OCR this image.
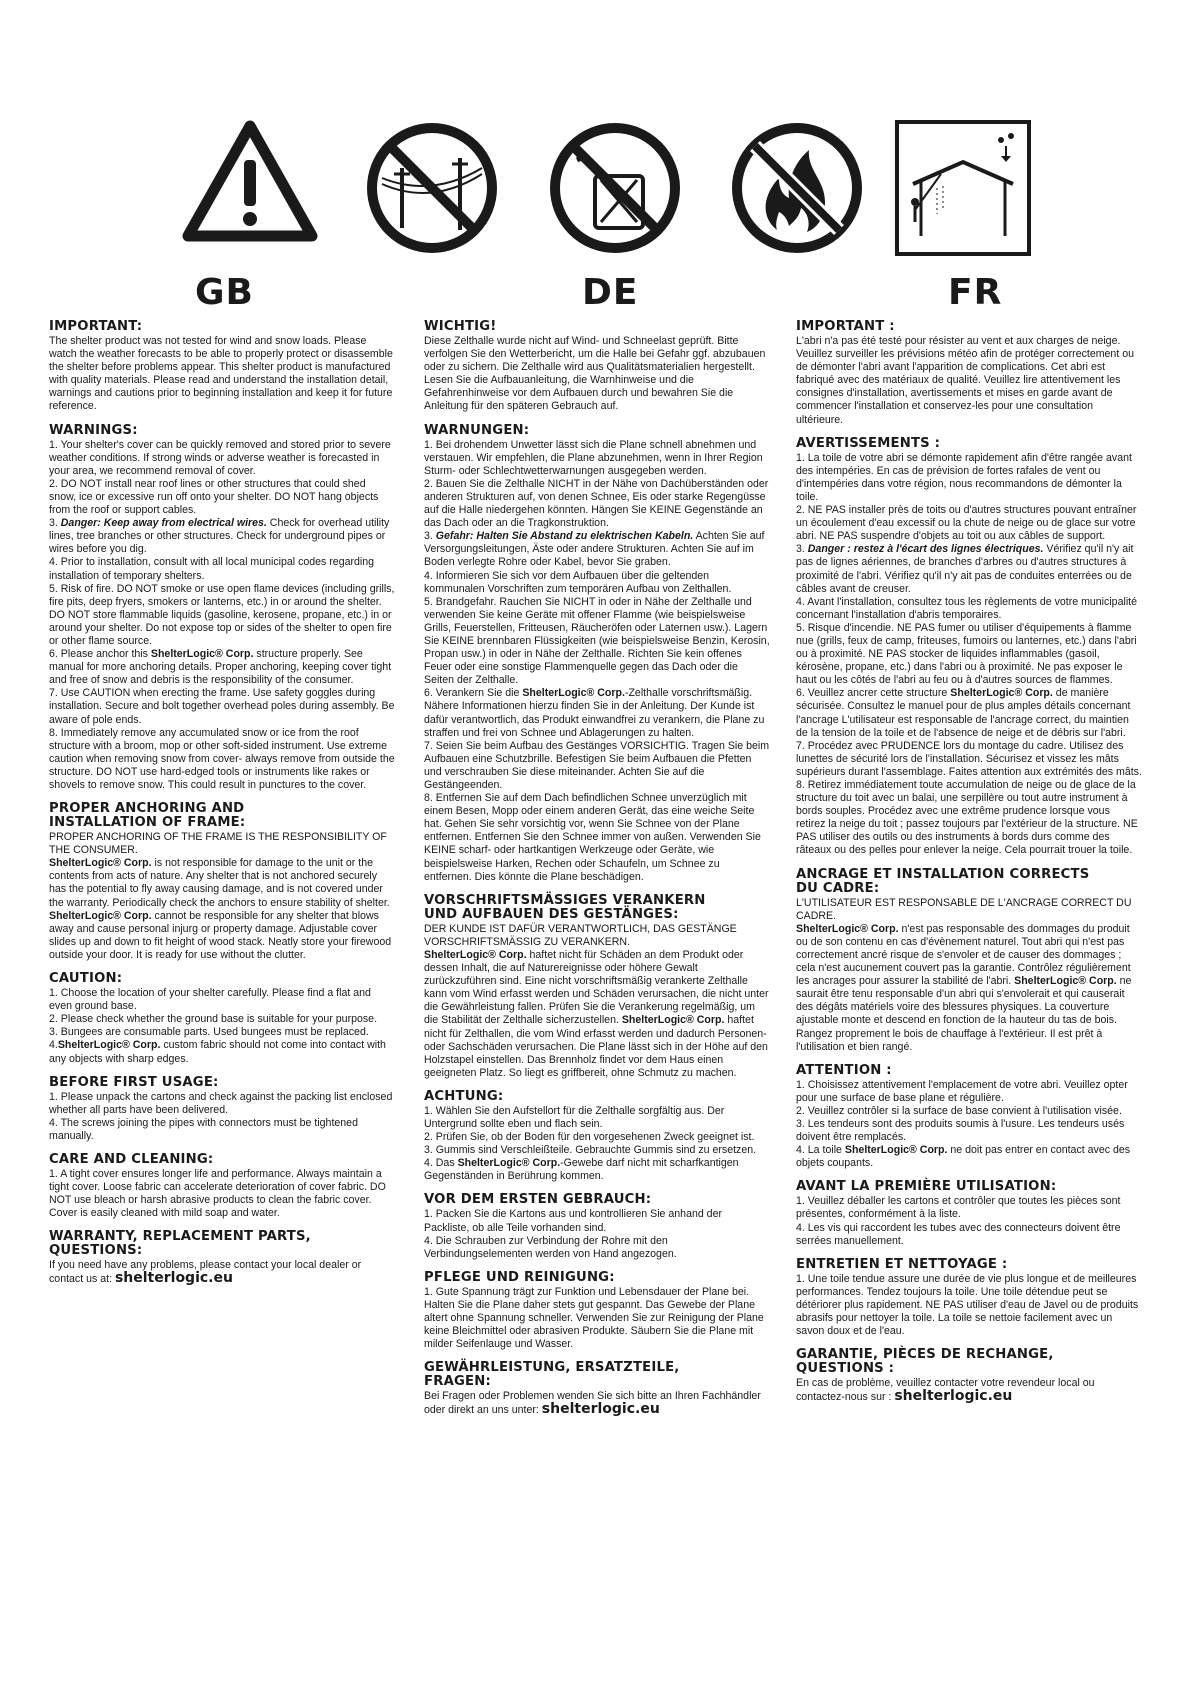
GB	DE	FR
IMPORTANT:

The shelter product was not tested for wind and snow loads. Please watch the weather forecasts to be able to properly protect or disassemble the shelter before problems appear. This shelter product is manufactured with quality materials. Please read and understand the installation detail, warnings and cautions prior to beginning installation and keep it for future reference.

WARNINGS:

1. Your shelter's cover can be quickly removed and stored prior to severe weather conditions. If strong winds or adverse weather is forecasted in your area, we recommend removal of cover.

2. DO NOT install near roof lines or other structures that could shed snow, ice or excessive run off onto your shelter. DO NOT hang objects from the roof or support cables.

3. Danger: Keep away from electrical wires. Check for overhead utility lines, tree branches or other structures. Check for underground pipes or wires before you dig.

4. Prior to installation, consult with all local municipal codes regarding installation of temporary shelters.

5. Risk of fire. DO NOT smoke or use open flame devices (including grills, fire pits, deep fryers, smokers or lanterns, etc.) in or around the shelter. DO NOT store flammable liquids (gasoline, kerosene, propane, etc.) in or around your shelter. Do not expose top or sides of the shelter to open fire or other flame source.

6. Please anchor this ShelterLogic® Corp. structure properly. See manual for more anchoring details. Proper anchoring, keeping cover tight and free of snow and debris is the responsibility of the consumer.

7. Use CAUTION when erecting the frame. Use safety goggles during installation. Secure and bolt together overhead poles during assembly. Be aware of pole ends.

8. Immediately remove any accumulated snow or ice from the roof structure with a broom, mop or other soft-sided instrument. Use extreme caution when removing snow from cover- always remove from outside the structure. DO NOT use hard-edged tools or instruments like rakes or shovels to remove snow. This could result in punctures to the cover.

PROPER ANCHORING AND
INSTALLATION OF FRAME:

PROPER ANCHORING OF THE FRAME IS THE RESPONSIBILITY OF THE CONSUMER.

ShelterLogic® Corp. is not responsible for damage to the unit or the contents from acts of nature. Any shelter that is not anchored securely has the potential to fly away causing damage, and is not covered under the warranty. Periodically check the anchors to ensure stability of shelter. ShelterLogic® Corp. cannot be responsible for any shelter that blows away and cause personal injurg or property damage. Adjustable cover slides up and down to fit height of wood stack. Neatly store your firewood outside your door. It is ready for use without the clutter.

CAUTION:

1. Choose the location of your shelter carefully. Please find a flat and even ground base.

2. Please check whether the ground base is suitable for your purpose.

3. Bungees are consumable parts. Used bungees must be replaced.

4.ShelterLogic® Corp. custom fabric should not come into contact with any objects with sharp edges.

BEFORE FIRST USAGE:

1. Please unpack the cartons and check against the packing list enclosed whether all parts have been delivered.

4. The screws joining the pipes with connectors must be tightened manually.

CARE AND CLEANING:

1. A tight cover ensures longer life and performance. Always maintain a tight cover. Loose fabric can accelerate deterioration of cover fabric. DO NOT use bleach or harsh abrasive products to clean the fabric cover. Cover is easily cleaned with mild soap and water.

WARRANTY, REPLACEMENT PARTS,
QUESTIONS:

If you need have any problems, please contact your local dealer or contact us at: shelterlogic.eu

WICHTIG!

Diese Zelthalle wurde nicht auf Wind- und Schneelast geprüft. Bitte verfolgen Sie den Wetterbericht, um die Halle bei Gefahr ggf. abzubauen oder zu sichern. Die Zelthalle wird aus Qualitätsmaterialien hergestellt. Lesen Sie die Aufbauanleitung, die Warnhinweise und die Gefahrenhinweise vor dem Aufbauen durch und bewahren Sie die Anleitung für den späteren Gebrauch auf.

WARNUNGEN:

1. Bei drohendem Unwetter lässt sich die Plane schnell abnehmen und verstauen. Wir empfehlen, die Plane abzunehmen, wenn in Ihrer Region Sturm- oder Schlechtwetterwarnungen ausgegeben werden.

2. Bauen Sie die Zelthalle NICHT in der Nähe von Dachüberständen oder anderen Strukturen auf, von denen Schnee, Eis oder starke Regengüsse auf die Halle niedergehen könnten. Hängen Sie KEINE Gegenstände an das Dach oder an die Tragkonstruktion.

3. Gefahr: Halten Sie Abstand zu elektrischen Kabeln. Achten Sie auf Versorgungsleitungen, Äste oder andere Strukturen. Achten Sie auf im Boden verlegte Rohre oder Kabel, bevor Sie graben.

4. Informieren Sie sich vor dem Aufbauen über die geltenden kommunalen Vorschriften zum temporären Aufbau von Zelthallen.

5. Brandgefahr. Rauchen Sie NICHT in oder in Nähe der Zelthalle und verwenden Sie keine Geräte mit offener Flamme (wie beispielsweise Grills, Feuerstellen, Fritteusen, Räucheröfen oder Laternen usw.). Lagern Sie KEINE brennbaren Flüssigkeiten (wie beispielsweise Benzin, Kerosin, Propan usw.) in oder in Nähe der Zelthalle. Richten Sie kein offenes Feuer oder eine sonstige Flammenquelle gegen das Dach oder die Seiten der Zelthalle.

6. Verankern Sie die ShelterLogic® Corp.-Zelthalle vorschriftsmäßig. Nähere Informationen hierzu finden Sie in der Anleitung. Der Kunde ist dafür verantwortlich, das Produkt einwandfrei zu verankern, die Plane zu straffen und frei von Schnee und Ablagerungen zu halten.

7. Seien Sie beim Aufbau des Gestänges VORSICHTIG. Tragen Sie beim Aufbauen eine Schutzbrille. Befestigen Sie beim Aufbauen die Pfetten und verschrauben Sie diese miteinander. Achten Sie auf die Gestängeenden.

8. Entfernen Sie auf dem Dach befindlichen Schnee unverzüglich mit einem Besen, Mopp oder einem anderen Gerät, das eine weiche Seite hat. Gehen Sie sehr vorsichtig vor, wenn Sie Schnee von der Plane entfernen. Entfernen Sie den Schnee immer von außen. Verwenden Sie KEINE scharf- oder hartkantigen Werkzeuge oder Geräte, wie beispielsweise Harken, Rechen oder Schaufeln, um Schnee zu entfernen. Dies könnte die Plane beschädigen.

VORSCHRIFTSMÄSSIGES VERANKERN
UND AUFBAUEN DES GESTÄNGES:

DER KUNDE IST DAFÜR VERANTWORTLICH, DAS GESTÄNGE VORSCHRIFTSMÄSSIG ZU VERANKERN.

ShelterLogic® Corp. haftet nicht für Schäden an dem Produkt oder dessen Inhalt, die auf Naturereignisse oder höhere Gewalt zurückzuführen sind. Eine nicht vorschriftsmäßig verankerte Zelthalle kann vom Wind erfasst werden und Schäden verursachen, die nicht unter die Gewährleistung fallen. Prüfen Sie die Verankerung regelmäßig, um die Stabilität der Zelthalle sicherzustellen. ShelterLogic® Corp. haftet nicht für Zelthallen, die vom Wind erfasst werden und dadurch Personen- oder Sachschäden verursachen. Die Plane lässt sich in der Höhe auf den Holzstapel einstellen. Das Brennholz findet vor dem Haus einen geeigneten Platz. So liegt es griffbereit, ohne Schmutz zu machen.

ACHTUNG:

1. Wählen Sie den Aufstellort für die Zelthalle sorgfältig aus. Der Untergrund sollte eben und flach sein.

2. Prüfen Sie, ob der Boden für den vorgesehenen Zweck geeignet ist.

3. Gummis sind Verschleißteile. Gebrauchte Gummis sind zu ersetzen.

4. Das ShelterLogic® Corp.-Gewebe darf nicht mit scharfkantigen Gegenständen in Berührung kommen.

VOR DEM ERSTEN GEBRAUCH:

1. Packen Sie die Kartons aus und kontrollieren Sie anhand der Packliste, ob alle Teile vorhanden sind.

4. Die Schrauben zur Verbindung der Rohre mit den Verbindungselementen werden von Hand angezogen.

PFLEGE UND REINIGUNG:

1. Gute Spannung trägt zur Funktion und Lebensdauer der Plane bei. Halten Sie die Plane daher stets gut gespannt. Das Gewebe der Plane altert ohne Spannung schneller. Verwenden Sie zur Reinigung der Plane keine Bleichmittel oder abrasiven Produkte. Säubern Sie die Plane mit milder Seifenlauge und Wasser.

GEWÄHRLEISTUNG, ERSATZTEILE,
FRAGEN:

Bei Fragen oder Problemen wenden Sie sich bitte an Ihren Fachhändler oder direkt an uns unter: shelterlogic.eu

IMPORTANT :

L'abri n'a pas été testé pour résister au vent et aux charges de neige. Veuillez surveiller les prévisions météo afin de protéger correctement ou de démonter l'abri avant l'apparition de complications. Cet abri est fabriqué avec des matériaux de qualité. Veuillez lire attentivement les consignes d'installation, avertissements et mises en garde avant de commencer l'installation et conservez-les pour une consultation ultérieure.

AVERTISSEMENTS :

1. La toile de votre abri se démonte rapidement afin d'être rangée avant des intempéries. En cas de prévision de fortes rafales de vent ou d'intempéries dans votre région, nous recommandons de démonter la toile.

2. NE PAS installer près de toits ou d'autres structures pouvant entraîner un écoulement d'eau excessif ou la chute de neige ou de glace sur votre abri. NE PAS suspendre d'objets au toit ou aux câbles de support.

3. Danger : restez à l'écart des lignes électriques. Vérifiez qu'il n'y ait pas de lignes aériennes, de branches d'arbres ou d'autres structures à proximité de l'abri. Vérifiez qu'il n'y ait pas de conduites enterrées ou de câbles avant de creuser.

4. Avant l'installation, consultez tous les règlements de votre municipalité concernant l'installation d'abris temporaires.

5. Risque d'incendie. NE PAS fumer ou utiliser d'équipements à flamme nue (grills, feux de camp, friteuses, fumoirs ou lanternes, etc.) dans l'abri ou à proximité. NE PAS stocker de liquides inflammables (gasoil, kérosène, propane, etc.) dans l'abri ou à proximité. Ne pas exposer le haut ou les côtés de l'abri au feu ou à d'autres sources de flammes.

6. Veuillez ancrer cette structure ShelterLogic® Corp. de manière sécurisée. Consultez le manuel pour de plus amples détails concernant l'ancrage L'utilisateur est responsable de l'ancrage correct, du maintien de la tension de la toile et de l'absence de neige et de débris sur l'abri.

7. Procédez avec PRUDENCE lors du montage du cadre. Utilisez des lunettes de sécurité lors de l'installation. Sécurisez et vissez les mâts supérieurs durant l'assemblage. Faites attention aux extrémités des mâts.

8. Retirez immédiatement toute accumulation de neige ou de glace de la structure du toit avec un balai, une serpillère ou tout autre instrument à bords souples. Procédez avec une extrême prudence lorsque vous retirez la neige du toit ; passez toujours par l'extérieur de la structure. NE PAS utiliser des outils ou des instruments à bords durs comme des râteaux ou des pelles pour enlever la neige. Cela pourrait trouer la toile.

ANCRAGE ET INSTALLATION CORRECTS
DU CADRE:

L'UTILISATEUR EST RESPONSABLE DE L'ANCRAGE CORRECT DU CADRE.

ShelterLogic® Corp. n'est pas responsable des dommages du produit ou de son contenu en cas d'évènement naturel. Tout abri qui n'est pas correctement ancré risque de s'envoler et de causer des dommages ; cela n'est aucunement couvert pas la garantie. Contrôlez régulièrement les ancrages pour assurer la stabilité de l'abri. ShelterLogic® Corp. ne saurait être tenu responsable d'un abri qui s'envolerait et qui causerait des dégâts matériels voire des blessures physiques. La couverture ajustable monte et descend en fonction de la hauteur du tas de bois. Rangez proprement le bois de chauffage à l'extérieur. Il est prêt à l'utilisation et bien rangé.

ATTENTION :

1. Choisissez attentivement l'emplacement de votre abri. Veuillez opter pour une surface de base plane et régulière.

2. Veuillez contrôler si la surface de base convient à l'utilisation visée.

3. Les tendeurs sont des produits soumis à l'usure. Les tendeurs usés doivent être remplacés.

4. La toile ShelterLogic® Corp. ne doit pas entrer en contact avec des objets coupants.

AVANT LA PREMIÈRE UTILISATION:

1. Veuillez déballer les cartons et contrôler que toutes les pièces sont présentes, conformément à la liste.

4. Les vis qui raccordent les tubes avec des connecteurs doivent être serrées manuellement.

ENTRETIEN ET NETTOYAGE :

1. Une toile tendue assure une durée de vie plus longue et de meilleures performances. Tendez toujours la toile. Une toile détendue peut se détériorer plus rapidement. NE PAS utiliser d'eau de Javel ou de produits abrasifs pour nettoyer la toile. La toile se nettoie facilement avec un savon doux et de l'eau.

GARANTIE, PIÈCES DE RECHANGE,
QUESTIONS :

En cas de problème, veuillez contacter votre revendeur local ou contactez-nous sur : shelterlogic.eu
